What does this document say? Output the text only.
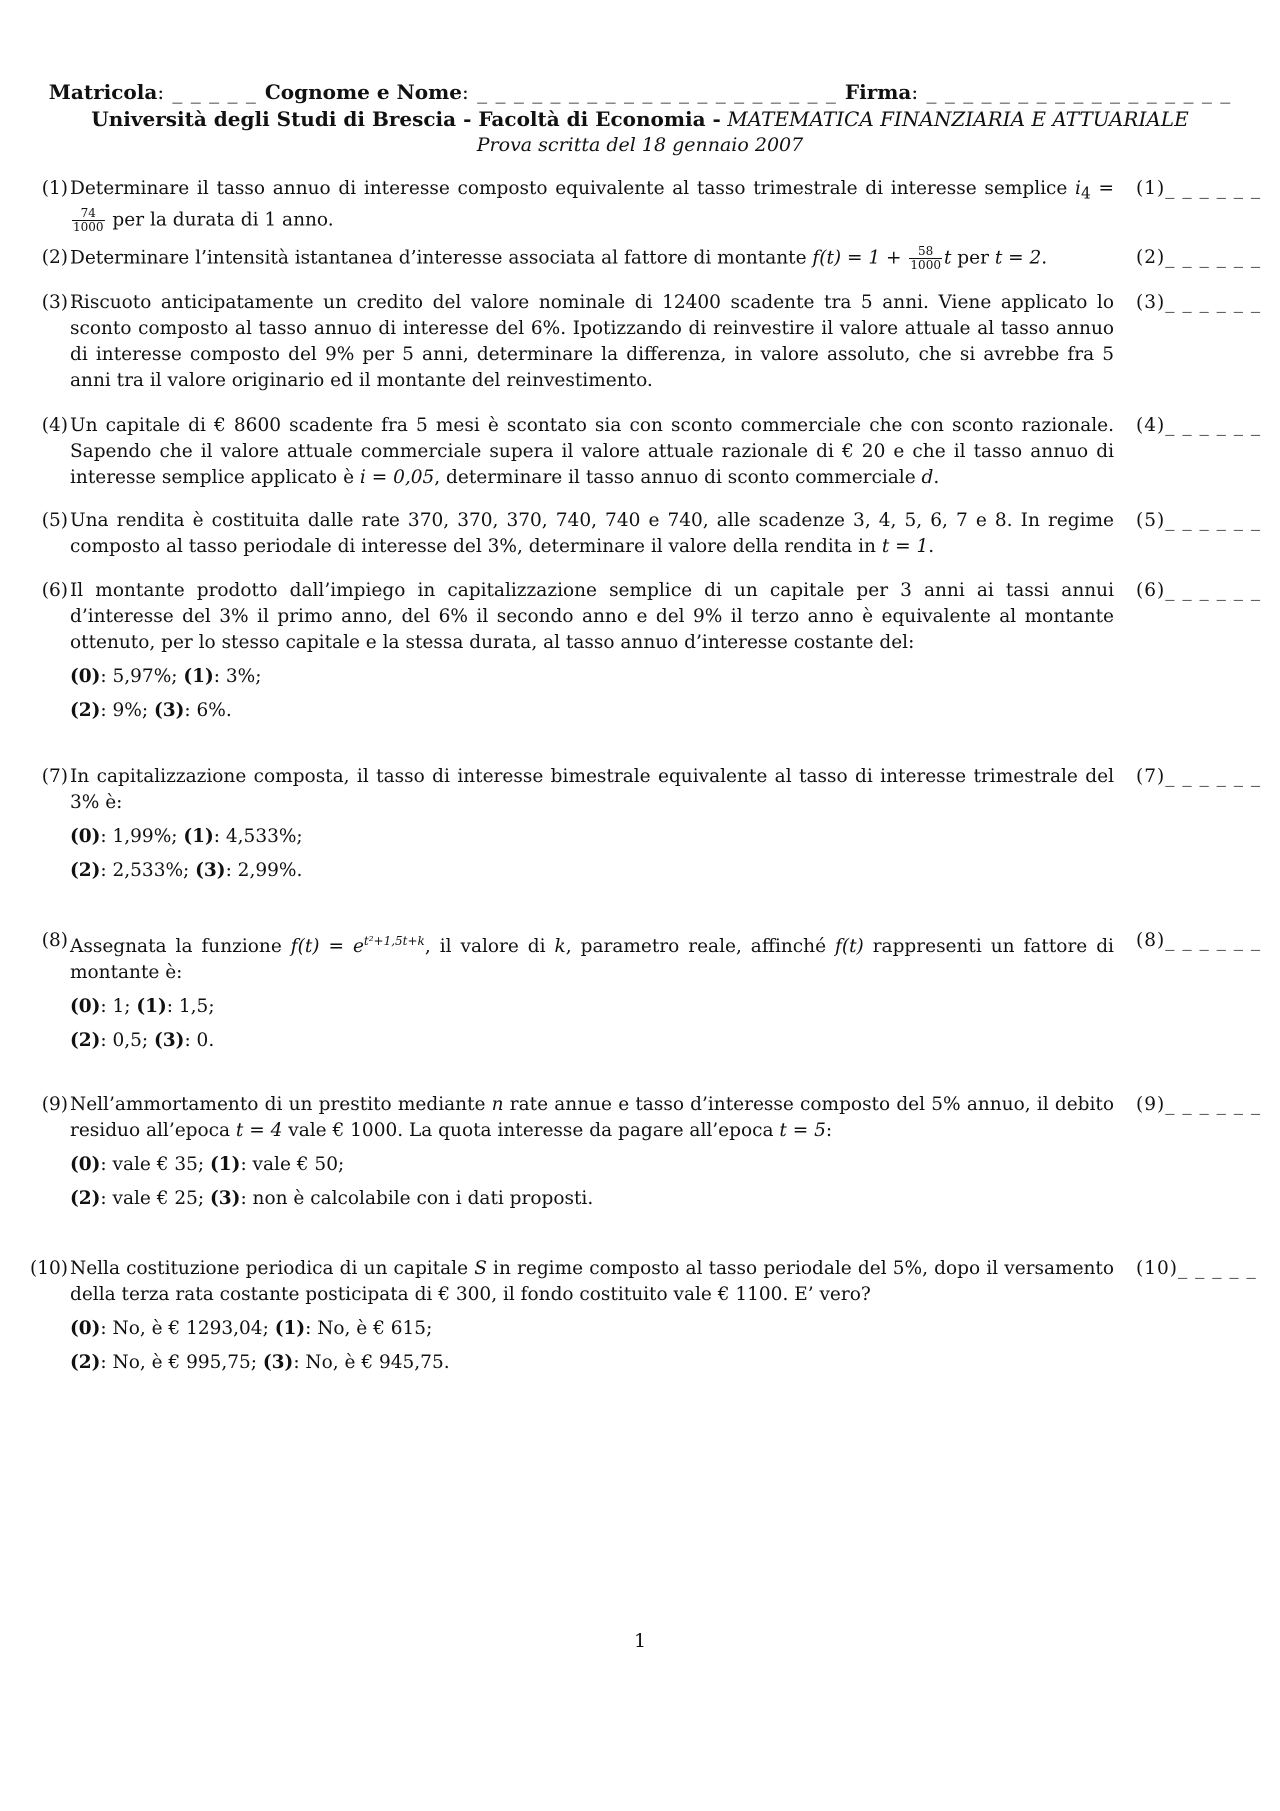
Matricola: _ _ _ _ _ Cognome e Nome: _ _ _ _ _ _ _ _ _ _ _ _ _ _ _ _ _ _ _ _ Firma: _ _ _ _ _ _ _ _ _ _ _ _ _ _ _ _ _
Università degli Studi di Brescia - Facoltà di Economia - MATEMATICA FINANZIARIA E ATTUARIALE
Prova scritta del 18 gennaio 2007
(1) Determinare il tasso annuo di interesse composto equivalente al tasso trimestrale di interesse semplice $i_4$ =
$\frac{74}{1000}$ per la durata di 1 anno.
(1)_ _ _ _ _ _
(2) Determinare l’intensità istantanea d’interesse associata al fattore di montante $f(t) = 1 + \frac{58}{1000}$ t per t = 2.	(2)_ _ _ _ _ _
(3) Riscuoto anticipatamente un credito del valore nominale di 12400 scadente tra 5 anni. Viene applicato lo sconto composto al tasso annuo di interesse del 6%. Ipotizzando di reinvestire il valore attuale al tasso annuo di interesse composto del 9% per 5 anni, determinare la differenza, in valore assoluto, che si avrebbe fra 5 anni tra il valore originario ed il montante del reinvestimento.
(3)_ _ _ _ _ _
(4) Un capitale di € 8600 scadente fra 5 mesi è scontato sia con sconto commerciale che con sconto razionale. Sapendo che il valore attuale commerciale supera il valore attuale razionale di € 20 e che il tasso annuo di interesse semplice applicato è i = 0,05, determinare il tasso annuo di sconto commerciale d.
(4)_ _ _ _ _ _
(5) Una rendita è costituita dalle rate 370, 370, 370, 740, 740 e 740, alle scadenze 3, 4, 5, 6, 7 e 8. In regime composto al tasso periodale di interesse del 3%, determinare il valore della rendita in t = 1.
(5)_ _ _ _ _ _
(6) Il montante prodotto dall’impiego in capitalizzazione semplice di un capitale per 3 anni ai tassi annui d’interesse del 3% il primo anno, del 6% il secondo anno e del 9% il terzo anno è equivalente al montante ottenuto, per lo stesso capitale e la stessa durata, al tasso annuo d’interesse costante del:
(0): 5,97%; (1): 3%;
(2): 9%; (3): 6%.
(6)_ _ _ _ _ _
(7) In capitalizzazione composta, il tasso di interesse bimestrale equivalente al tasso di interesse trimestrale del 3% è:
(0): 1,99%; (1): 4,533%;
(2): 2,533%; (3): 2,99%.
(7)_ _ _ _ _ _
(8) Assegnata la funzione $f(t) = e^{t^2+1,5t+k}$, il valore di k, parametro reale, affinché f(t) rappresenti un fattore di montante è:
(0): 1; (1): 1,5;
(2): 0,5; (3): 0.
(8)_ _ _ _ _ _
(9) Nell’ammortamento di un prestito mediante n rate annue e tasso d’interesse composto del 5% annuo, il debito residuo all’epoca t = 4 vale € 1000. La quota interesse da pagare all’epoca t = 5:
(0): vale € 35; (1): vale € 50;
(2): vale € 25; (3): non è calcolabile con i dati proposti.
(9)_ _ _ _ _ _
(10) Nella costituzione periodica di un capitale S in regime composto al tasso periodale del 5%, dopo il versamento della terza rata costante posticipata di € 300, il fondo costituito vale € 1100. E’ vero?
(0): No, è € 1293,04; (1): No, è € 615;
(2): No, è € 995,75; (3): No, è € 945,75.
(10)_ _ _ _ _
1
